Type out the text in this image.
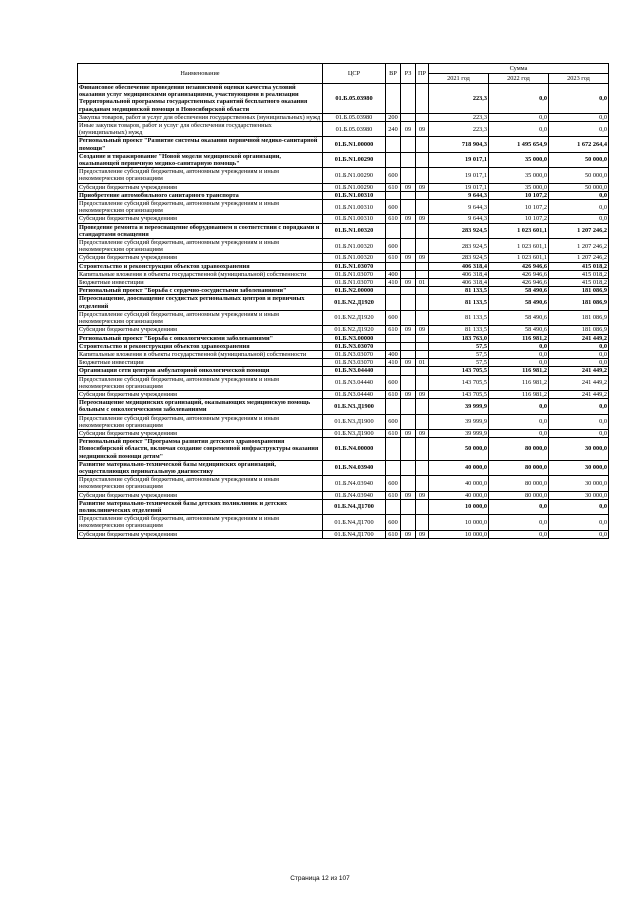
Наименование	ЦСР	ВР	РЗ	ПР	Сумма		
					2021 год	2022 год	2023 год
Финансовое обеспечение проведения независимой оценки качества условий оказания услуг медицинскими организациями, участвующими в реализации Территориальной программы государственных гарантий бесплатного оказания гражданам медицинской помощи в Новосибирской области	01.Б.05.03980				223,3	0,0	0,0
Закупка товаров, работ и услуг для обеспечения государственных (муниципальных) нужд	01.Б.05.03980	200			223,3	0,0	0,0
Иные закупки товаров, работ и услуг для обеспечения государственных (муниципальных) нужд	01.Б.05.03980	240	09	09	223,3	0,0	0,0
Региональный проект "Развитие системы оказания первичной медико-санитарной помощи"	01.Б.N1.00000				718 904,3	1 495 654,9	1 672 264,4
Создание и тиражирование "Новой модели медицинской организации, оказывающей первичную медико-санитарную помощь"	01.Б.N1.00290				19 017,1	35 000,0	50 000,0
Предоставление субсидий бюджетным, автономным учреждениям и иным некоммерческим организациям	01.Б.N1.00290	600			19 017,1	35 000,0	50 000,0
Субсидии бюджетным учреждениям	01.Б.N1.00290	610	09	09	19 017,1	35 000,0	50 000,0
Приобретение автомобильного санитарного транспорта	01.Б.N1.00310				9 644,3	10 107,2	0,0
Предоставление субсидий бюджетным, автономным учреждениям и иным некоммерческим организациям	01.Б.N1.00310	600			9 644,3	10 107,2	0,0
Субсидии бюджетным учреждениям	01.Б.N1.00310	610	09	09	9 644,3	10 107,2	0,0
Проведение ремонта и переоснащение оборудованием в соответствии с порядками и стандартами оснащения	01.Б.N1.00320				283 924,5	1 023 601,1	1 207 246,2
Предоставление субсидий бюджетным, автономным учреждениям и иным некоммерческим организациям	01.Б.N1.00320	600			283 924,5	1 023 601,1	1 207 246,2
Субсидии бюджетным учреждениям	01.Б.N1.00320	610	09	09	283 924,5	1 023 601,1	1 207 246,2
Строительство и реконструкция объектов здравоохранения	01.Б.N1.03070				406 318,4	426 946,6	415 018,2
Капитальные вложения в объекты государственной (муниципальной) собственности	01.Б.N1.03070	400			406 318,4	426 946,6	415 018,2
Бюджетные инвестиции	01.Б.N1.03070	410	09	01	406 318,4	426 946,6	415 018,2
Региональный проект "Борьба с сердечно-сосудистыми заболеваниями"	01.Б.N2.00000				81 133,5	58 490,6	181 086,9
Переоснащение, дооснащение сосудистых региональных центров и первичных отделений	01.Б.N2.Д1920				81 133,5	58 490,6	181 086,9
Предоставление субсидий бюджетным, автономным учреждениям и иным некоммерческим организациям	01.Б.N2.Д1920	600			81 133,5	58 490,6	181 086,9
Субсидии бюджетным учреждениям	01.Б.N2.Д1920	610	09	09	81 133,5	58 490,6	181 086,9
Региональный проект "Борьба с онкологическими заболеваниями"	01.Б.N3.00000				183 763,0	116 981,2	241 449,2
Строительство и реконструкция объектов здравоохранения	01.Б.N3.03070				57,5	0,0	0,0
Капитальные вложения в объекты государственной (муниципальной) собственности	01.Б.N3.03070	400			57,5	0,0	0,0
Бюджетные инвестиции	01.Б.N3.03070	410	09	01	57,5	0,0	0,0
Организация сети центров амбулаторной онкологической помощи	01.Б.N3.04440				143 705,5	116 981,2	241 449,2
Предоставление субсидий бюджетным, автономным учреждениям и иным некоммерческим организациям	01.Б.N3.04440	600			143 705,5	116 981,2	241 449,2
Субсидии бюджетным учреждениям	01.Б.N3.04440	610	09	09	143 705,5	116 981,2	241 449,2
Переоснащение медицинских организаций, оказывающих медицинскую помощь больным с онкологическими заболеваниями	01.Б.N3.Д1900				39 999,9	0,0	0,0
Предоставление субсидий бюджетным, автономным учреждениям и иным некоммерческим организациям	01.Б.N3.Д1900	600			39 999,9	0,0	0,0
Субсидии бюджетным учреждениям	01.Б.N3.Д1900	610	09	09	39 999,9	0,0	0,0
Региональный проект "Программа развития детского здравоохранения Новосибирской области, включая создание современной инфраструктуры оказания медицинской помощи детям"	01.Б.N4.00000				50 000,0	80 000,0	30 000,0
Развитие материально-технической базы медицинских организаций, осуществляющих перинатальную диагностику	01.Б.N4.03940				40 000,0	80 000,0	30 000,0
Предоставление субсидий бюджетным, автономным учреждениям и иным некоммерческим организациям	01.Б.N4.03940	600			40 000,0	80 000,0	30 000,0
Субсидии бюджетным учреждениям	01.Б.N4.03940	610	09	09	40 000,0	80 000,0	30 000,0
Развитие материально-технической базы детских поликлиник и детских поликлинических отделений	01.Б.N4.Д1700				10 000,0	0,0	0,0
Предоставление субсидий бюджетным, автономным учреждениям и иным некоммерческим организациям	01.Б.N4.Д1700	600			10 000,0	0,0	0,0
Субсидии бюджетным учреждениям	01.Б.N4.Д1700	610	09	09	10 000,0	0,0	0,0
Страница 12 из 107
